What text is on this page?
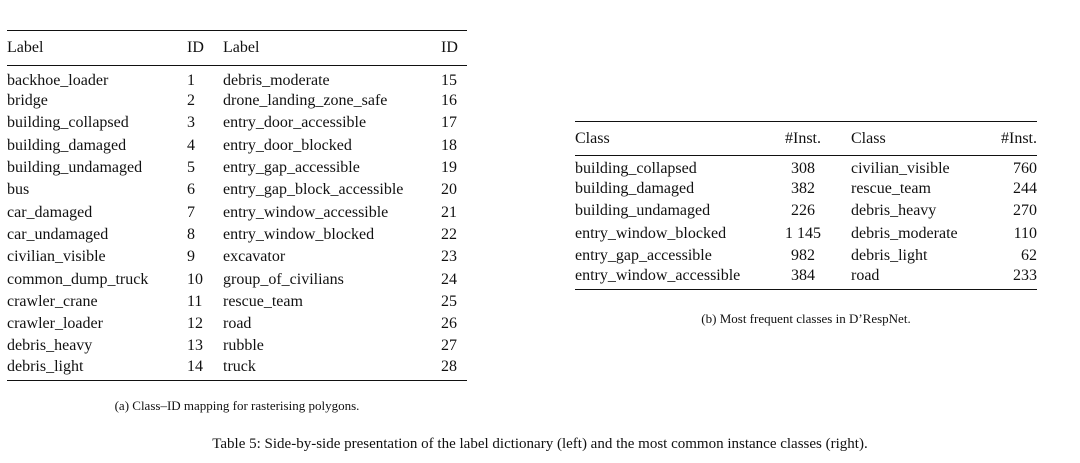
Label	ID	Label	ID
backhoe_loader	1	debris_moderate	15
bridge	2	drone_landing_zone_safe	16
building_collapsed	3	entry_door_accessible	17
building_damaged	4	entry_door_blocked	18
building_undamaged	5	entry_gap_accessible	19
bus	6	entry_gap_block_accessible	20
car_damaged	7	entry_window_accessible	21
car_undamaged	8	entry_window_blocked	22
civilian_visible	9	excavator	23
common_dump_truck	10	group_of_civilians	24
crawler_crane	11	rescue_team	25
crawler_loader	12	road	26
debris_heavy	13	rubble	27
debris_light	14	truck	28
(a) Class–ID mapping for rasterising polygons.
Class	#Inst.	Class	#Inst.
building_collapsed	308	civilian_visible	760
building_damaged	382	rescue_team	244
building_undamaged	226	debris_heavy	270
entry_window_blocked	1 145	debris_moderate	110
entry_gap_accessible	982	debris_light	62
entry_window_accessible	384	road	233
(b) Most frequent classes in D’RespNet.
Table 5: Side-by-side presentation of the label dictionary (left) and the most common instance classes (right).
